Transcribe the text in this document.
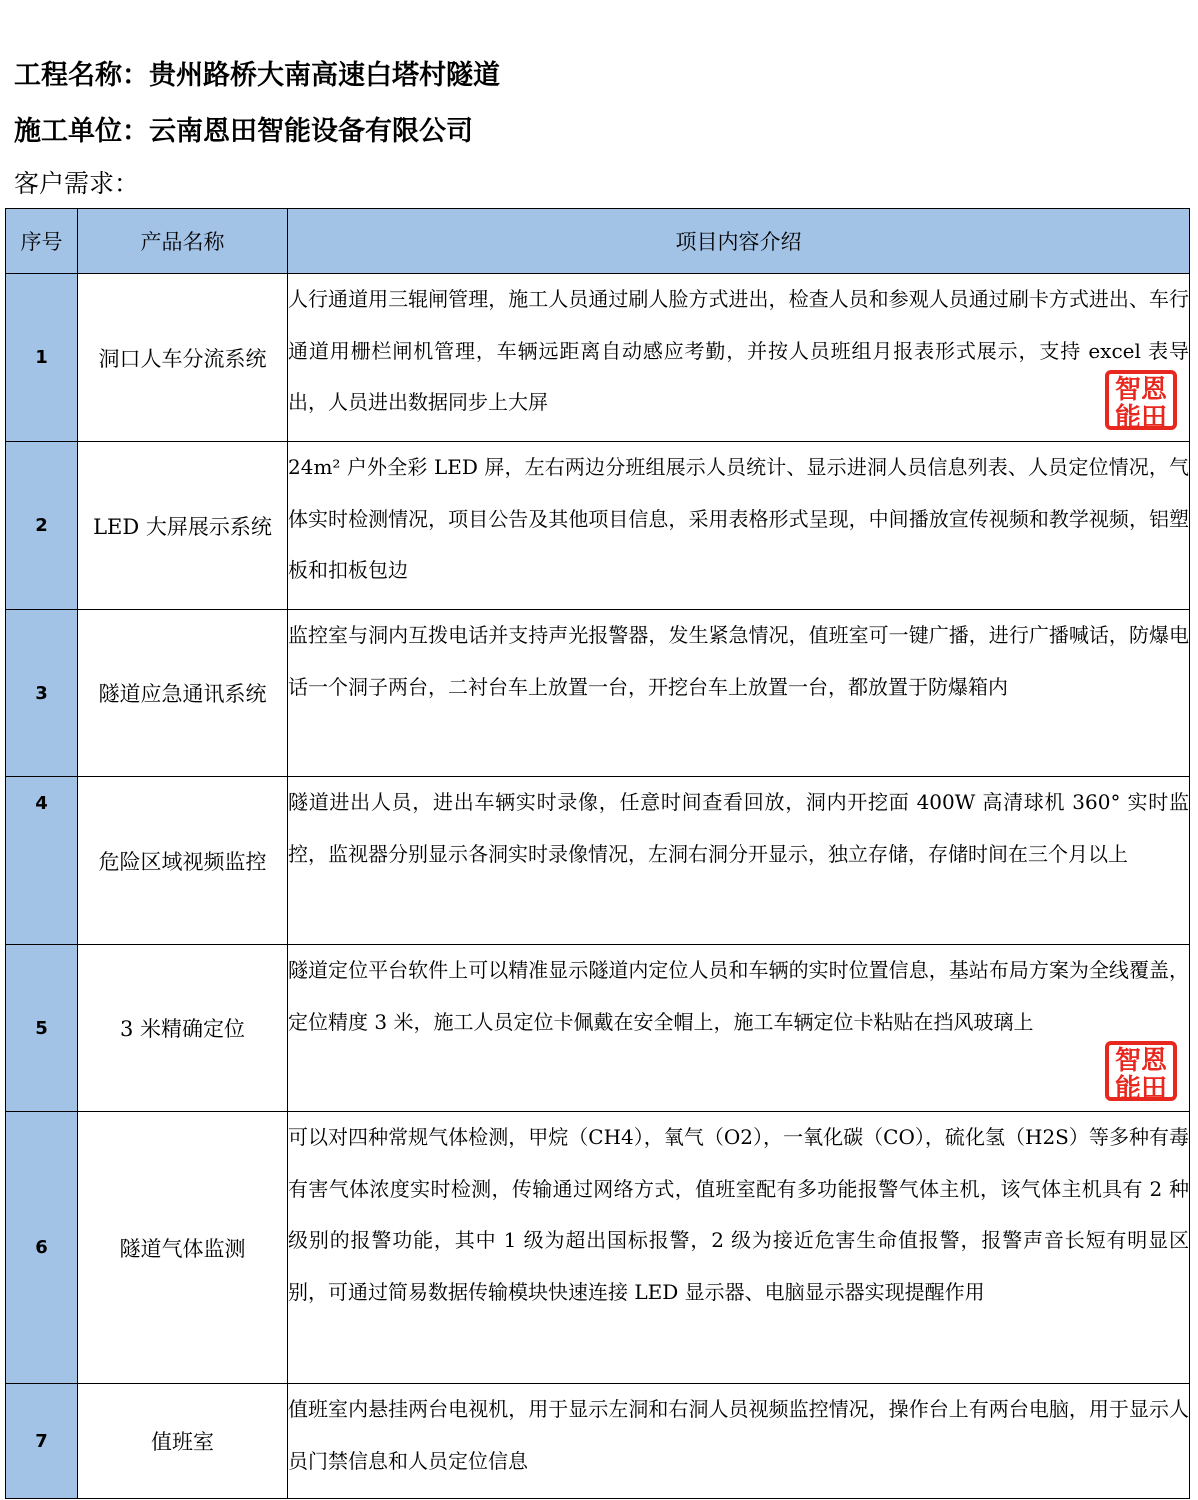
工程名称：贵州路桥大南高速白塔村隧道
施工单位：云南恩田智能设备有限公司
客户需求：
序号	产品名称	项目内容介绍
1	洞口人车分流系统	人行通道用三辊闸管理，施工人员通过刷人脸方式进出，检查人员和参观人员通过刷卡方式进出、车行通道用栅栏闸机管理，车辆远距离自动感应考勤，并按人员班组月报表形式展示，支持 excel 表导出，人员进出数据同步上大屏 智恩
能田

2	LED 大屏展示系统	24m² 户外全彩 LED 屏，左右两边分班组展示人员统计、显示进洞人员信息列表、人员定位情况，气体实时检测情况，项目公告及其他项目信息，采用表格形式呈现，中间播放宣传视频和教学视频，铝塑板和扣板包边

3	隧道应急通讯系统	监控室与洞内互拨电话并支持声光报警器，发生紧急情况，值班室可一键广播，进行广播喊话，防爆电话一个洞子两台，二衬台车上放置一台，开挖台车上放置一台，都放置于防爆箱内

4	危险区域视频监控	隧道进出人员，进出车辆实时录像，任意时间查看回放，洞内开挖面 400W 高清球机 360° 实时监控，监视器分别显示各洞实时录像情况，左洞右洞分开显示，独立存储，存储时间在三个月以上

5	3 米精确定位	隧道定位平台软件上可以精准显示隧道内定位人员和车辆的实时位置信息，基站布局方案为全线覆盖，定位精度 3 米，施工人员定位卡佩戴在安全帽上，施工车辆定位卡粘贴在挡风玻璃上
智恩
能田

6	隧道气体监测	可以对四种常规气体检测，甲烷（CH4），氧气（O2），一氧化碳（CO），硫化氢（H2S）等多种有毒有害气体浓度实时检测，传输通过网络方式，值班室配有多功能报警气体主机，该气体主机具有 2 种级别的报警功能，其中 1 级为超出国标报警，2 级为接近危害生命值报警，报警声音长短有明显区别，可通过简易数据传输模块快速连接 LED 显示器、电脑显示器实现提醒作用

7	值班室	值班室内悬挂两台电视机，用于显示左洞和右洞人员视频监控情况，操作台上有两台电脑，用于显示人员门禁信息和人员定位信息
